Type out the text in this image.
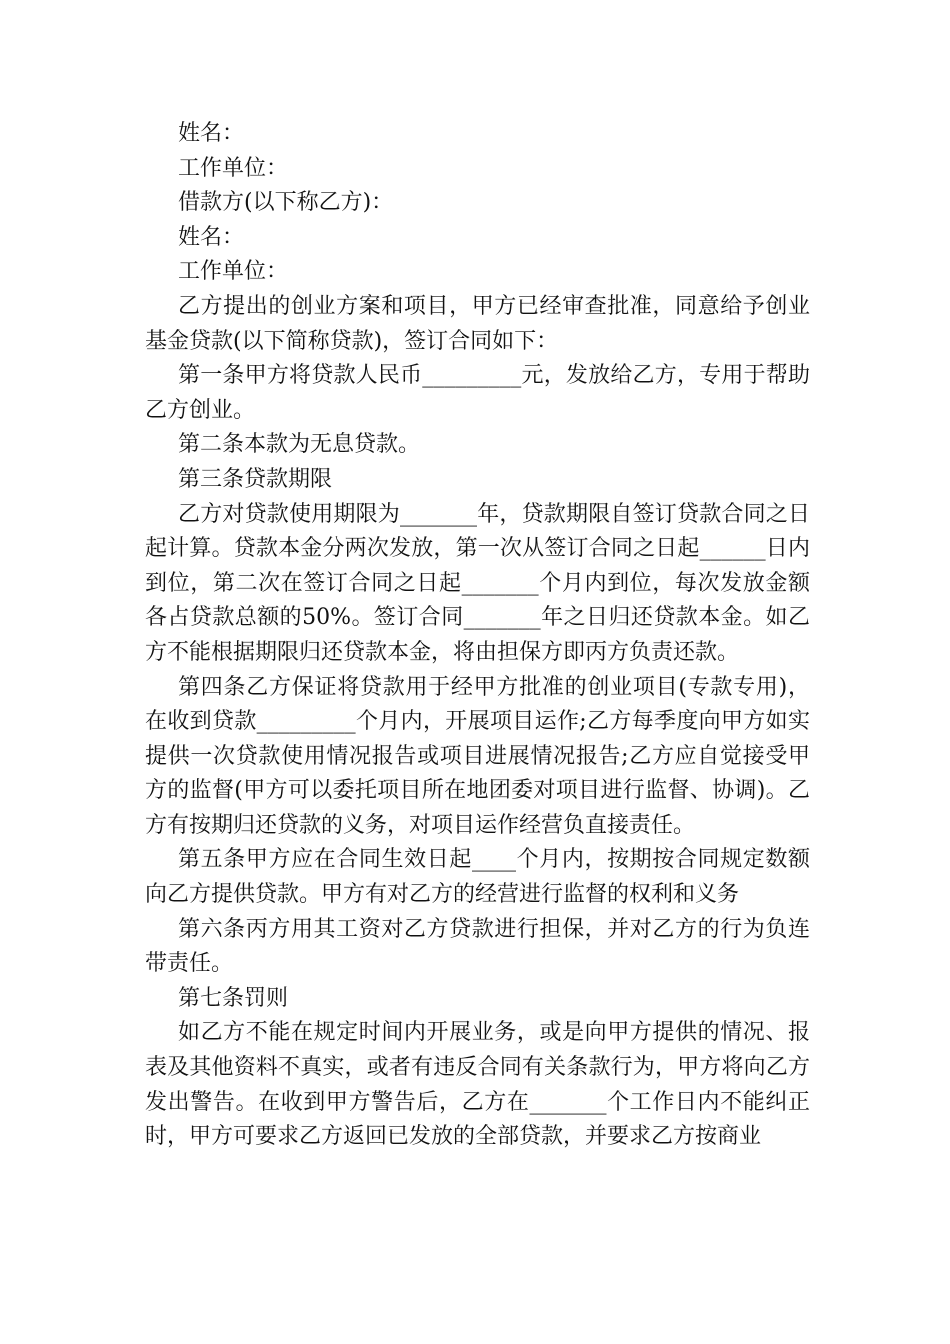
姓名：

工作单位：

借款方(以下称乙方)：

姓名：

工作单位：

乙方提出的创业方案和项目，甲方已经审查批准，同意给予创业基金贷款(以下简称贷款)，签订合同如下：

第一条甲方将贷款人民币_________元，发放给乙方，专用于帮助乙方创业。

第二条本款为无息贷款。

第三条贷款期限

乙方对贷款使用期限为_______年，贷款期限自签订贷款合同之日起计算。贷款本金分两次发放，第一次从签订合同之日起______日内到位，第二次在签订合同之日起_______个月内到位，每次发放金额各占贷款总额的50%。签订合同_______年之日归还贷款本金。如乙方不能根据期限归还贷款本金，将由担保方即丙方负责还款。

第四条乙方保证将贷款用于经甲方批准的创业项目(专款专用)，在收到贷款_________个月内，开展项目运作;乙方每季度向甲方如实提供一次贷款使用情况报告或项目进展情况报告;乙方应自觉接受甲方的监督(甲方可以委托项目所在地团委对项目进行监督、协调)。乙方有按期归还贷款的义务，对项目运作经营负直接责任。

第五条甲方应在合同生效日起____个月内，按期按合同规定数额向乙方提供贷款。甲方有对乙方的经营进行监督的权利和义务

第六条丙方用其工资对乙方贷款进行担保，并对乙方的行为负连带责任。

第七条罚则

如乙方不能在规定时间内开展业务，或是向甲方提供的情况、报表及其他资料不真实，或者有违反合同有关条款行为，甲方将向乙方发出警告。在收到甲方警告后，乙方在_______个工作日内不能纠正时，甲方可要求乙方返回已发放的全部贷款，并要求乙方按商业
